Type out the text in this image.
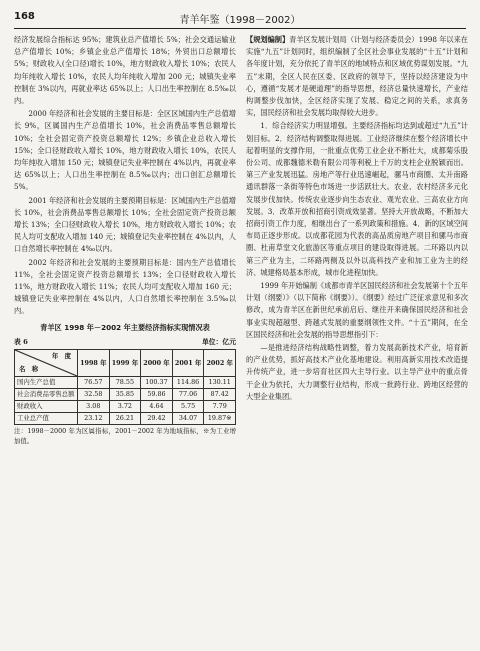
168	青羊年鉴（1998－2002）

经济发展综合指标达 95%；建筑业总产值增长 5%；社会交通运输业总产值增长 10%；乡镇企业总产值增长 18%；外贸出口总额增长 5%；财政收入(全口径)增长 10%，地方财政收入增长 10%；农民人均年纯收入增长 10%，农民人均年纯收入增加 200 元；城镇失业率控制在 3%以内，再就业率达 65%以上；人口出生率控制在 8.5‰以内。

2000 年经济和社会发展的主要目标是：全区区域国内生产总值增长 9%，区属国内生产总值增长 10%，社会消费品零售总额增长 10%；全社会固定资产投资总额增长 12%；乡镇企业总收入增长 15%；全口径财政收入增长 10%，地方财政收入增长 10%，农民人均年纯收入增加 150 元；城镇登记失业率控制在 4%以内，再就业率达 65%以上；人口出生率控制在 8.5‰以内；出口创汇总额增长 5%。

2001 年经济和社会发展的主要预期目标是：区域国内生产总值增长 10%，社会消费品零售总额增长 10%；全社会固定资产投资总额增长 13%；全口径财政收入增长 10%，地方财政收入增长 10%；农民人均可支配收入增加 140 元；城镇登记失业率控制在 4%以内，人口自然增长率控制在 4‰以内。

2002 年经济和社会发展的主要预期目标是：国内生产总值增长 11%，全社会固定资产投资总额增长 13%；全口径财政收入增长 11%，地方财政收入增长 11%；农民人均可支配收入增加 160 元；城镇登记失业率控制在 4%以内，人口自然增长率控制在 3.5‰以内。

青羊区 1998 年－2002 年主要经济指标实现情况表
表 6	单位：亿元
年　度
名　称	1998 年	1999 年	2000 年	2001 年	2002 年
国内生产总值	76.57	78.55	100.37	114.86	130.11
社会消费品零售总额	32.58	35.85	59.86	77.06	87.42
财政收入	3.08	3.72	4.64	5.75	7.79
工业总产值	23.12	26.21	29.42	34.07	19.87※
注：1998－2000 年为区属指标，2001－2002 年为地域指标，※为工业增加值。

【规划编制】青羊区发展计划局（计划与经济委员会）1998 年以来在实施“九五”计划同时，组织编制了全区社会事业发展的“十五”计划和各年度计划，充分依托了青羊区的地域特点和区域优势谋划发展。“九五”末期，全区人民在区委、区政府的领导下，坚持以经济建设为中心，遵循“发展才是硬道理”的指导思想，经济总量快速增长，产业结构调整步伐加快，全区经济实现了发展、稳定之间的关系，求真务实，国民经济和社会发展均取得较大进步。

1．综合经济实力明显增强。主要经济指标均达到或超过“九五”计划目标。2．经济结构调整取得进展。工业经济继续在整个经济增长中起着明显的支撑作用，一批重点优势工业企业不断壮大，成都菊乐股份公司、成都魏德米勒有限公司等利税上千万的支柱企业脱颖而出。第三产业发展迅猛。房地产等行业迅速崛起，骡马市商圈、太升南路通讯群落一条街等特色市场进一步活跃壮大。农业、农村经济多元化发展步伐加快。传统农业逐步向生态农业、观光农业、三高农业方向发展。3．改革开放和招商引资成效显著。坚持大开放战略，不断加大招商引资工作力度，相继出台了一系列政策和措施。4．新的区域空间布局正逐步形成。以成都花园为代表的高品质房地产项目和骡马市商圈、杜甫草堂文化旅游区等重点项目的建设取得进展。二环路以内以第三产业为主，二环路两侧及以外以高科技产业和加工业为主的经济、城建格局基本形成，城市化进程加快。

1999 年开始编制《成都市青羊区国民经济和社会发展第十个五年计划（纲要）》（以下简称《纲要》）。《纲要》经过广泛征求意见和多次修改，成为青羊区在新世纪承前启后、继往开来确保国民经济和社会事业实现超越型、跨越式发展的重要纲领性文件。“十五”期间，在全区国民经济和社会发展的指导思想指引下：

—是推进经济结构战略性调整，着力发展高新技术产业，培育新的产业优势，抓好高技术产业化基地建设。利用高新实用技术改造提升传统产业，进一步培育社区四大主导行业。以主导产业中的重点骨干企业为依托，大力调整行业结构，形成一批跨行业、跨地区经营的大型企业集团。
